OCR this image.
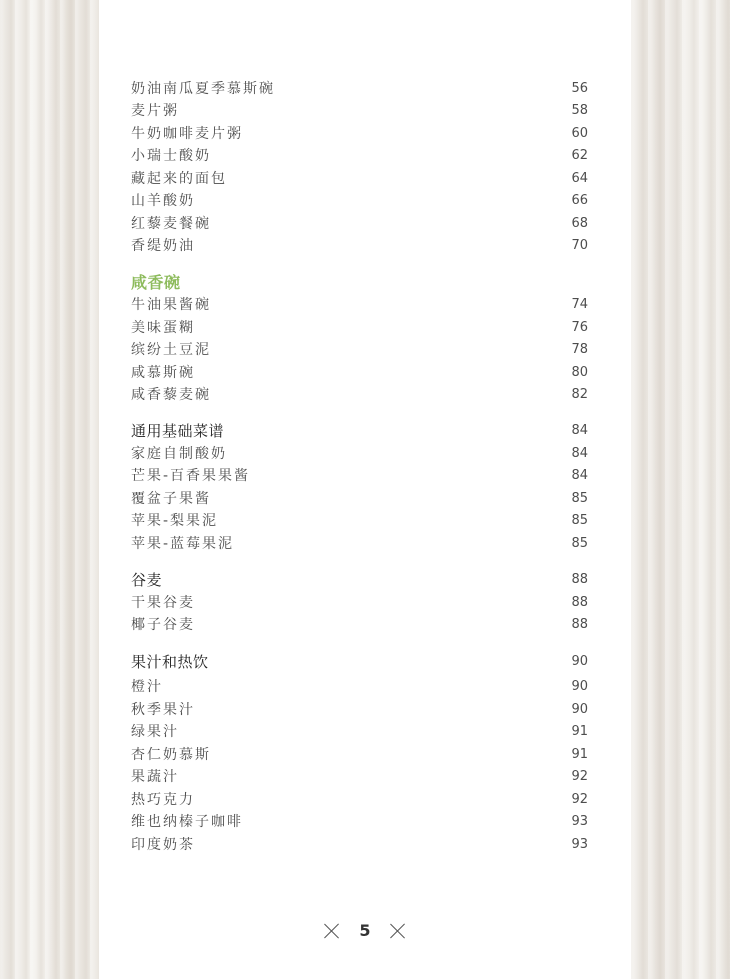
奶油南瓜夏季慕斯碗	56
麦片粥	58
牛奶咖啡麦片粥	60
小瑞士酸奶	62
藏起来的面包	64
山羊酸奶	66
红藜麦餐碗	68
香缇奶油	70
咸香碗
牛油果酱碗	74
美味蛋糊	76
缤纷土豆泥	78
咸慕斯碗	80
咸香藜麦碗	82
通用基础菜谱	84
家庭自制酸奶	84
芒果-百香果果酱	84
覆盆子果酱	85
苹果-梨果泥	85
苹果-蓝莓果泥	85
谷麦	88
干果谷麦	88
椰子谷麦	88
果汁和热饮	90
橙汁	90
秋季果汁	90
绿果汁	91
杏仁奶慕斯	91
果蔬汁	92
热巧克力	92
维也纳榛子咖啡	93
印度奶茶	93
5
